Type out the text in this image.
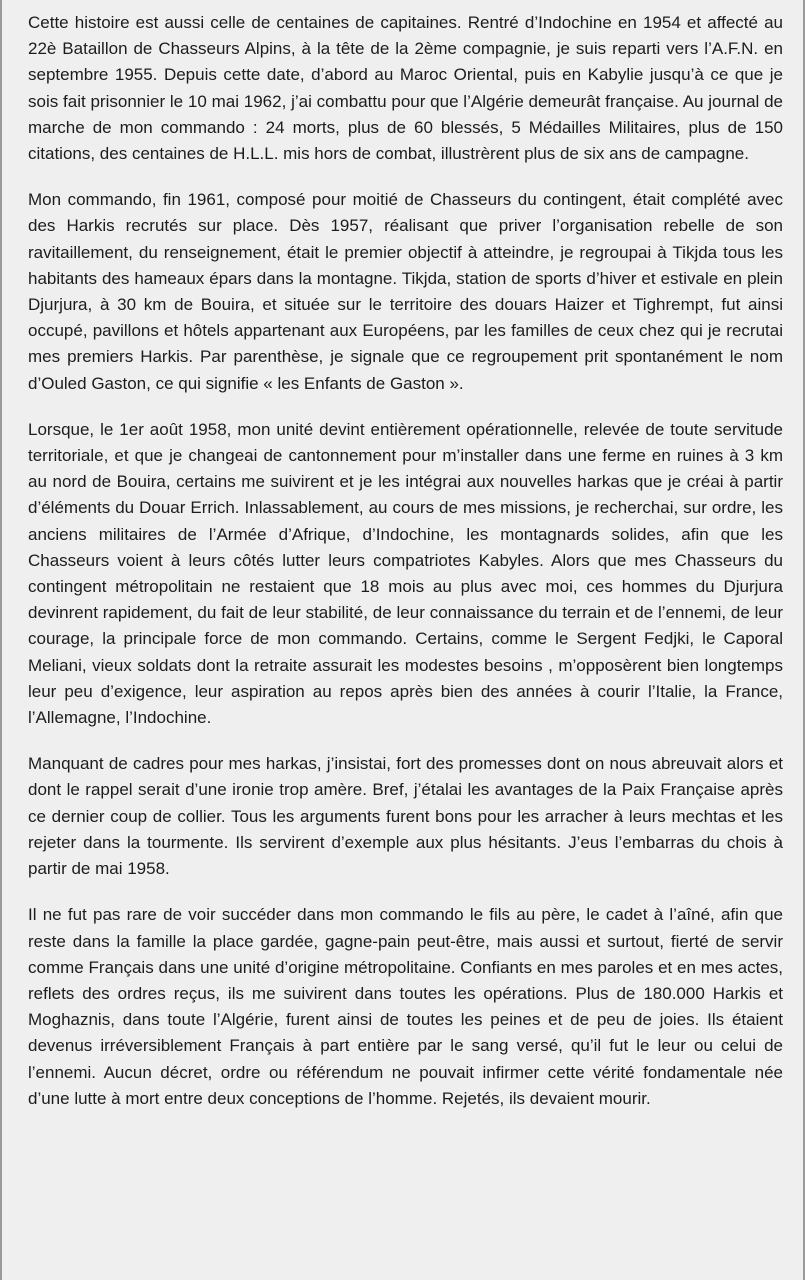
Cette histoire est aussi celle de centaines de capitaines. Rentré d’Indochine en 1954 et affecté au 22è Bataillon de Chasseurs Alpins, à la tête de la 2ème compagnie, je suis reparti vers l’A.F.N. en septembre 1955. Depuis cette date, d’abord au Maroc Oriental, puis en Kabylie jusqu’à ce que je sois fait prisonnier le 10 mai 1962, j’ai combattu pour que l’Algérie demeurât française. Au journal de marche de mon commando : 24 morts, plus de 60 blessés, 5 Médailles Militaires, plus de 150 citations, des centaines de H.L.L. mis hors de combat, illustrèrent plus de six ans de campagne.

Mon commando, fin 1961, composé pour moitié de Chasseurs du contingent, était complété avec des Harkis recrutés sur place. Dès 1957, réalisant que priver l’organisation rebelle de son ravitaillement, du renseignement, était le premier objectif à atteindre, je regroupai à Tikjda tous les habitants des hameaux épars dans la montagne. Tikjda, station de sports d’hiver et estivale en plein Djurjura, à 30 km de Bouira, et située sur le territoire des douars Haizer et Tighrempt, fut ainsi occupé, pavillons et hôtels appartenant aux Européens, par les familles de ceux chez qui je recrutai mes premiers Harkis. Par parenthèse, je signale que ce regroupement prit spontanément le nom d’Ouled Gaston, ce qui signifie « les Enfants de Gaston ».

Lorsque, le 1er août 1958, mon unité devint entièrement opérationnelle, relevée de toute servitude territoriale, et que je changeai de cantonnement pour m’installer dans une ferme en ruines à 3 km au nord de Bouira, certains me suivirent et je les intégrai aux nouvelles harkas que je créai à partir d’éléments du Douar Errich. Inlassablement, au cours de mes missions, je recherchai, sur ordre, les anciens militaires de l’Armée d’Afrique, d’Indochine, les montagnards solides, afin que les Chasseurs voient à leurs côtés lutter leurs compatriotes Kabyles. Alors que mes Chasseurs du contingent métropolitain ne restaient que 18 mois au plus avec moi, ces hommes du Djurjura devinrent rapidement, du fait de leur stabilité, de leur connaissance du terrain et de l’ennemi, de leur courage, la principale force de mon commando. Certains, comme le Sergent Fedjki, le Caporal Meliani, vieux soldats dont la retraite assurait les modestes besoins , m’opposèrent bien longtemps leur peu d’exigence, leur aspiration au repos après bien des années à courir l’Italie, la France, l’Allemagne, l’Indochine.

Manquant de cadres pour mes harkas, j’insistai, fort des promesses dont on nous abreuvait alors et dont le rappel serait d’une ironie trop amère. Bref, j’étalai les avantages de la Paix Française après ce dernier coup de collier. Tous les arguments furent bons pour les arracher à leurs mechtas et les rejeter dans la tourmente. Ils servirent d’exemple aux plus hésitants. J’eus l’embarras du chois à partir de mai 1958.

Il ne fut pas rare de voir succéder dans mon commando le fils au père, le cadet à l’aîné, afin que reste dans la famille la place gardée, gagne-pain peut-être, mais aussi et surtout, fierté de servir comme Français dans une unité d’origine métropolitaine. Confiants en mes paroles et en mes actes, reflets des ordres reçus, ils me suivirent dans toutes les opérations. Plus de 180.000 Harkis et Moghaznis, dans toute l’Algérie, furent ainsi de toutes les peines et de peu de joies. Ils étaient devenus irréversiblement Français à part entière par le sang versé, qu’il fut le leur ou celui de l’ennemi. Aucun décret, ordre ou référendum ne pouvait infirmer cette vérité fondamentale née d’une lutte à mort entre deux conceptions de l’homme. Rejetés, ils devaient mourir.
